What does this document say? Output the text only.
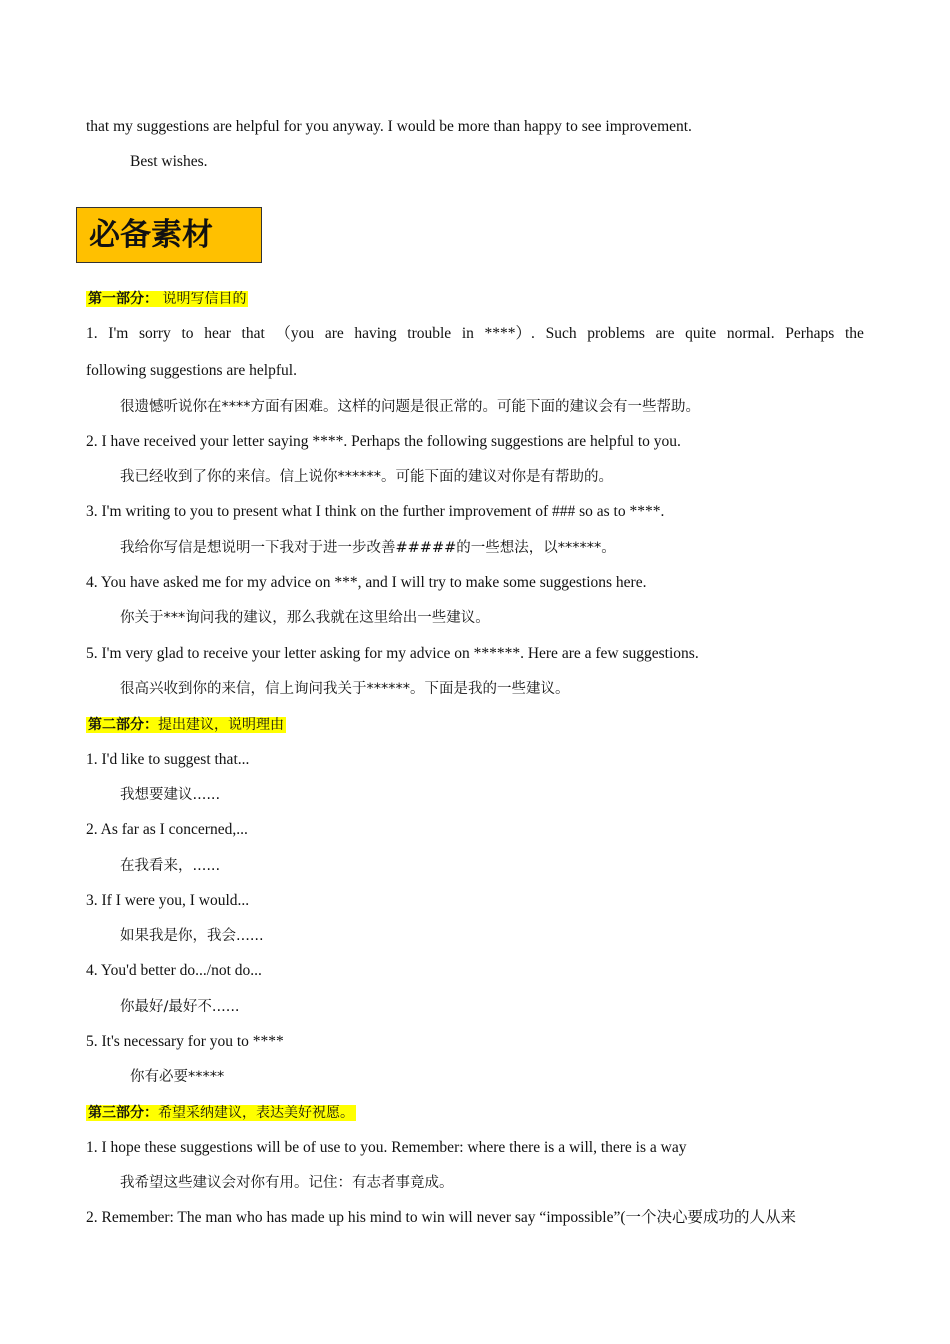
that my suggestions are helpful for you anyway. I would be more than happy to see improvement.
Best wishes.
必备素材
第一部分： 说明写信目的
1. I'm sorry to hear that （you are having trouble in ****）. Such problems are quite normal. Perhaps the
following suggestions are helpful.
很遗憾听说你在****方面有困难。这样的问题是很正常的。可能下面的建议会有一些帮助。
2. I have received your letter saying ****. Perhaps the following suggestions are helpful to you.
我已经收到了你的来信。信上说你******。可能下面的建议对你是有帮助的。
3. I'm writing to you to present what I think on the further improvement of ### so as to ****.
我给你写信是想说明一下我对于进一步改善#####的一些想法，以******。
4. You have asked me for my advice on ***, and I will try to make some suggestions here.
你关于***询问我的建议，那么我就在这里给出一些建议。
5. I'm very glad to receive your letter asking for my advice on ******. Here are a few suggestions.
很高兴收到你的来信，信上询问我关于******。下面是我的一些建议。
第二部分：提出建议，说明理由
1. I'd like to suggest that...
我想要建议......
2. As far as I concerned,...
在我看来，......
3. If I were you, I would...
如果我是你，我会......
4. You'd better do.../not do...
你最好/最好不......
5. It's necessary for you to ****
你有必要*****
第三部分：希望采纳建议，表达美好祝愿。
1. I hope these suggestions will be of use to you. Remember: where there is a will, there is a way
我希望这些建议会对你有用。记住：有志者事竟成。
2. Remember: The man who has made up his mind to win will never say “impossible”(一个决心要成功的人从来
